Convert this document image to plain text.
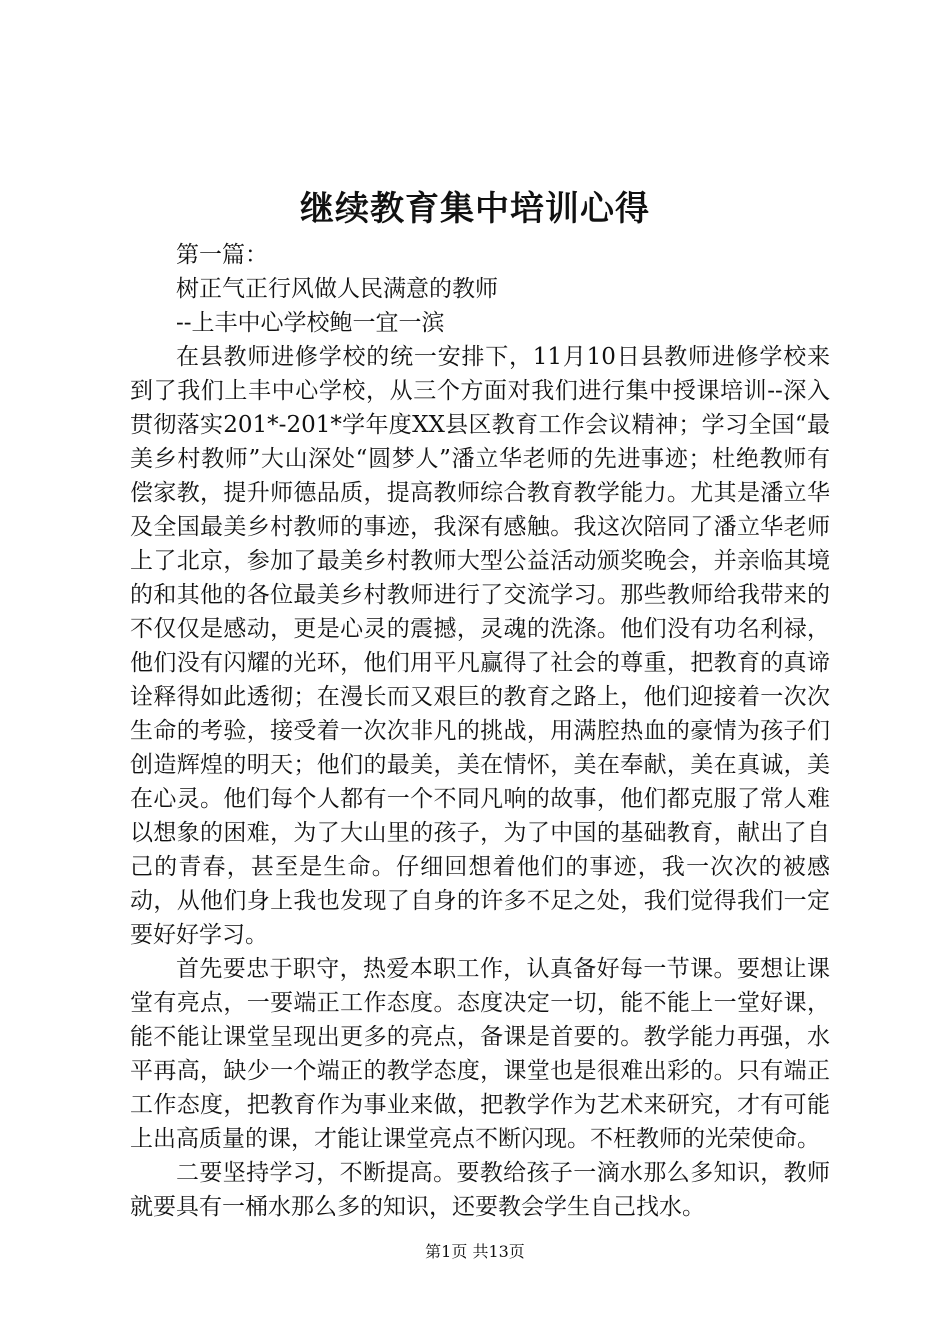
继续教育集中培训心得

第一篇：

树正气正行风做人民满意的教师

--上丰中心学校鲍一宜一滨

在县教师进修学校的统一安排下，11月10日县教师进修学校来到了我们上丰中心学校，从三个方面对我们进行集中授课培训--深入贯彻落实201*-201*学年度XX县区教育工作会议精神；学习全国“最美乡村教师”大山深处“圆梦人”潘立华老师的先进事迹；杜绝教师有偿家教，提升师德品质，提高教师综合教育教学能力。尤其是潘立华及全国最美乡村教师的事迹，我深有感触。我这次陪同了潘立华老师上了北京，参加了最美乡村教师大型公益活动颁奖晚会，并亲临其境的和其他的各位最美乡村教师进行了交流学习。那些教师给我带来的不仅仅是感动，更是心灵的震撼，灵魂的洗涤。他们没有功名利禄，他们没有闪耀的光环，他们用平凡赢得了社会的尊重，把教育的真谛诠释得如此透彻；在漫长而又艰巨的教育之路上，他们迎接着一次次生命的考验，接受着一次次非凡的挑战，用满腔热血的豪情为孩子们创造辉煌的明天；他们的最美，美在情怀，美在奉献，美在真诚，美在心灵。他们每个人都有一个不同凡响的故事，他们都克服了常人难以想象的困难，为了大山里的孩子，为了中国的基础教育，献出了自己的青春，甚至是生命。仔细回想着他们的事迹，我一次次的被感动，从他们身上我也发现了自身的许多不足之处，我们觉得我们一定要好好学习。

首先要忠于职守，热爱本职工作，认真备好每一节课。要想让课堂有亮点，一要端正工作态度。态度决定一切，能不能上一堂好课，能不能让课堂呈现出更多的亮点，备课是首要的。教学能力再强，水平再高，缺少一个端正的教学态度，课堂也是很难出彩的。只有端正工作态度，把教育作为事业来做，把教学作为艺术来研究，才有可能上出高质量的课，才能让课堂亮点不断闪现。不枉教师的光荣使命。

二要坚持学习，不断提高。要教给孩子一滴水那么多知识，教师就要具有一桶水那么多的知识，还要教会学生自己找水。

第1页 共13页
